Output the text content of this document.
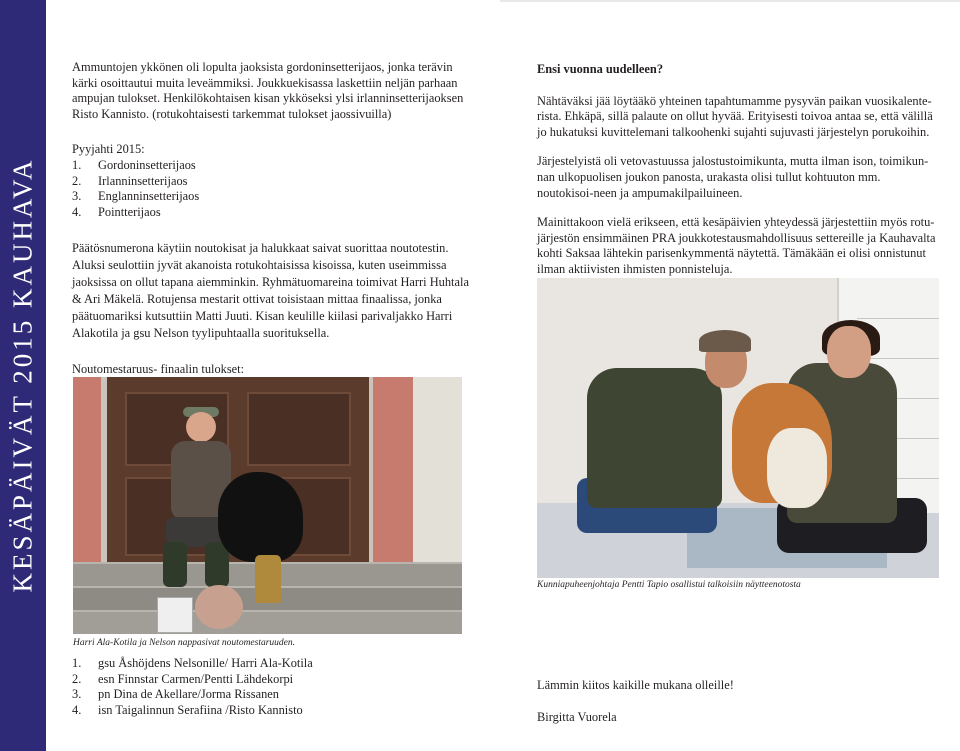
KESÄPÄIVÄT 2015 KAUHAVA

Ammuntojen ykkönen oli lopulta jaoksista gordoninsetterijaos, jonka terävin kärki osoittautui muita leveämmiksi. Joukkuekisassa laskettiin neljän parhaan ampujan tulokset. Henkilökohtaisen kisan ykköseksi ylsi irlanninsetterijaoksen Risto Kannisto. (rotukohtaisesti tarkemmat tulokset jaossivuilla)

Pyyjahti 2015:

1.	Gordoninsetterijaos
2.	Irlanninsetterijaos
3.	Englanninsetterijaos
4.	Pointterijaos

Päätösnumerona käytiin noutokisat ja halukkaat saivat suorittaa noutotestin. Aluksi seulottiin jyvät akanoista rotukohtaisissa kisoissa, kuten useimmissa jaoksissa on ollut tapana aiemminkin. Ryhmätuomareina toimivat Harri Huhtala & Ari Mäkelä. Rotujensa mestarit ottivat toisistaan mittaa finaalissa, jonka päätuomariksi kutsuttiin Matti Juuti. Kisan keulille kiilasi parivaljakko Harri Alakotila ja gsu Nelson tyylipuhtaalla suorituksella.

Noutomestaruus- finaalin tulokset:

Harri Ala-Kotila ja Nelson nappasivat noutomestaruuden.
1.	gsu Åshöjdens Nelsonille/ Harri Ala-Kotila
2.	esn Finnstar Carmen/Pentti Lähdekorpi
3.	pn Dina de Akellare/Jorma Rissanen
4.	isn Taigalinnun Serafiina /Risto Kannisto

Ensi vuonna uudelleen?

Nähtäväksi jää löytääkö yhteinen tapahtumamme pysyvän paikan vuosikalente-rista. Ehkäpä, sillä palaute on ollut hyvää. Erityisesti toivoa antaa se, että välillä jo hukatuksi kuvittelemani talkoohenki sujahti sujuvasti järjestelyn porukoihin.

Järjestelyistä oli vetovastuussa jalostustoimikunta, mutta ilman ison, toimikun-nan ulkopuolisen joukon panosta, urakasta olisi tullut kohtuuton mm. noutokisoi-neen ja ampumakilpailuineen.

Mainittakoon vielä erikseen, että kesäpäivien yhteydessä järjestettiin myös rotu-järjestön ensimmäinen PRA joukkotestausmahdollisuus settereille ja Kauhavalta kohti Saksaa lähtekin parisenkymmentä näytettä. Tämäkään ei olisi onnistunut ilman aktiivisten ihmisten ponnisteluja.

Kunniapuheenjohtaja Pentti Tapio osallistui talkoisiin näytteenotosta
Lämmin kiitos kaikille mukana olleille!
Birgitta Vuorela
